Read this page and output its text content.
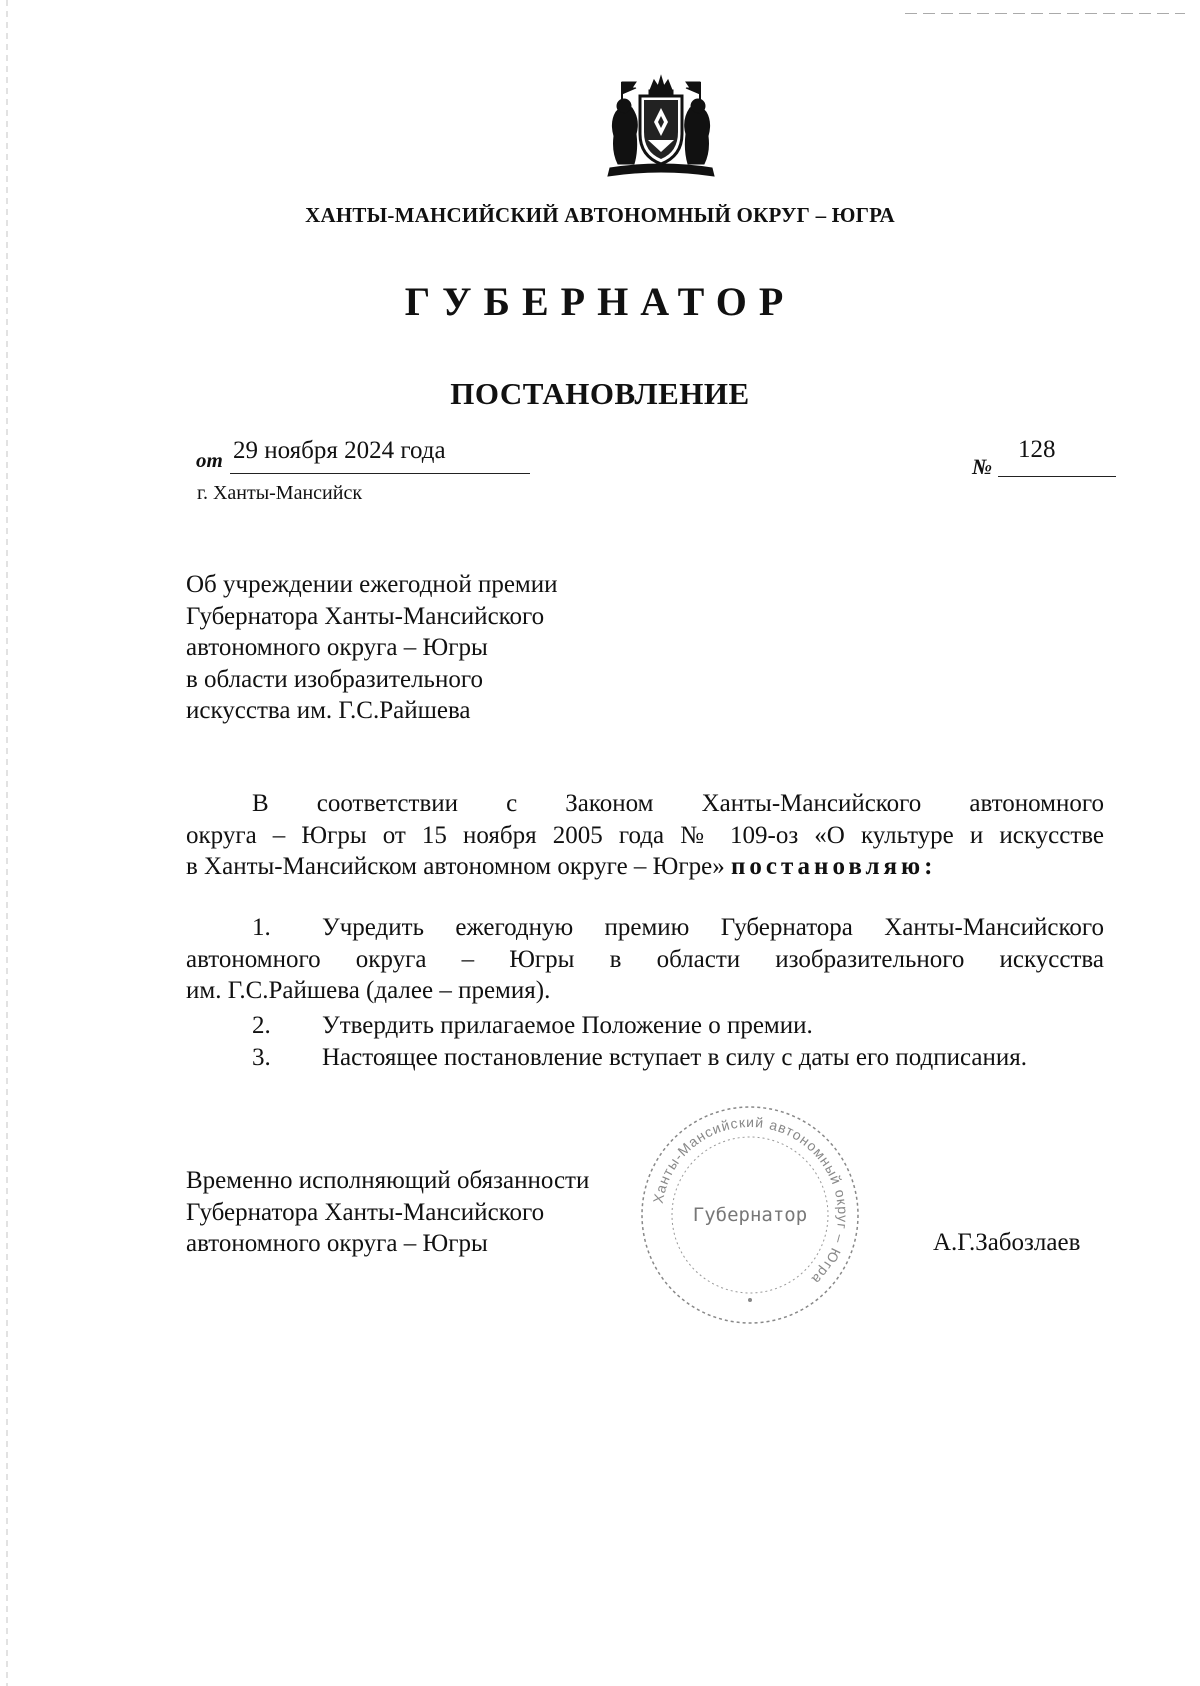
ХАНТЫ-МАНСИЙСКИЙ АВТОНОМНЫЙ ОКРУГ – ЮГРА
ГУБЕРНАТОР
ПОСТАНОВЛЕНИЕ
от 29 ноября 2024 года
№
128
г. Ханты-Мансийск
Об учреждении ежегодной премии
Губернатора Ханты-Мансийского
автономного округа – Югры
в области изобразительного
искусства им. Г.С.Райшева
В соответствии с Законом Ханты-Мансийского автономного
округа – Югры от 15 ноября 2005 года № 109-оз «О культуре и искусстве
в Ханты-Мансийском автономном округе – Югре» постановляю:
1. Учредить ежегодную премию Губернатора Ханты-Мансийского
автономного округа – Югры в области изобразительного искусства
им. Г.С.Райшева (далее – премия).
2. Утвердить прилагаемое Положение о премии.
3. Настоящее постановление вступает в силу с даты его подписания.
Временно исполняющий обязанности
Губернатора Ханты-Мансийского
автономного округа – Югры	А.Г.Забозлаев
Ханты-Мансийский автономный округ – Югра
Губернатор
